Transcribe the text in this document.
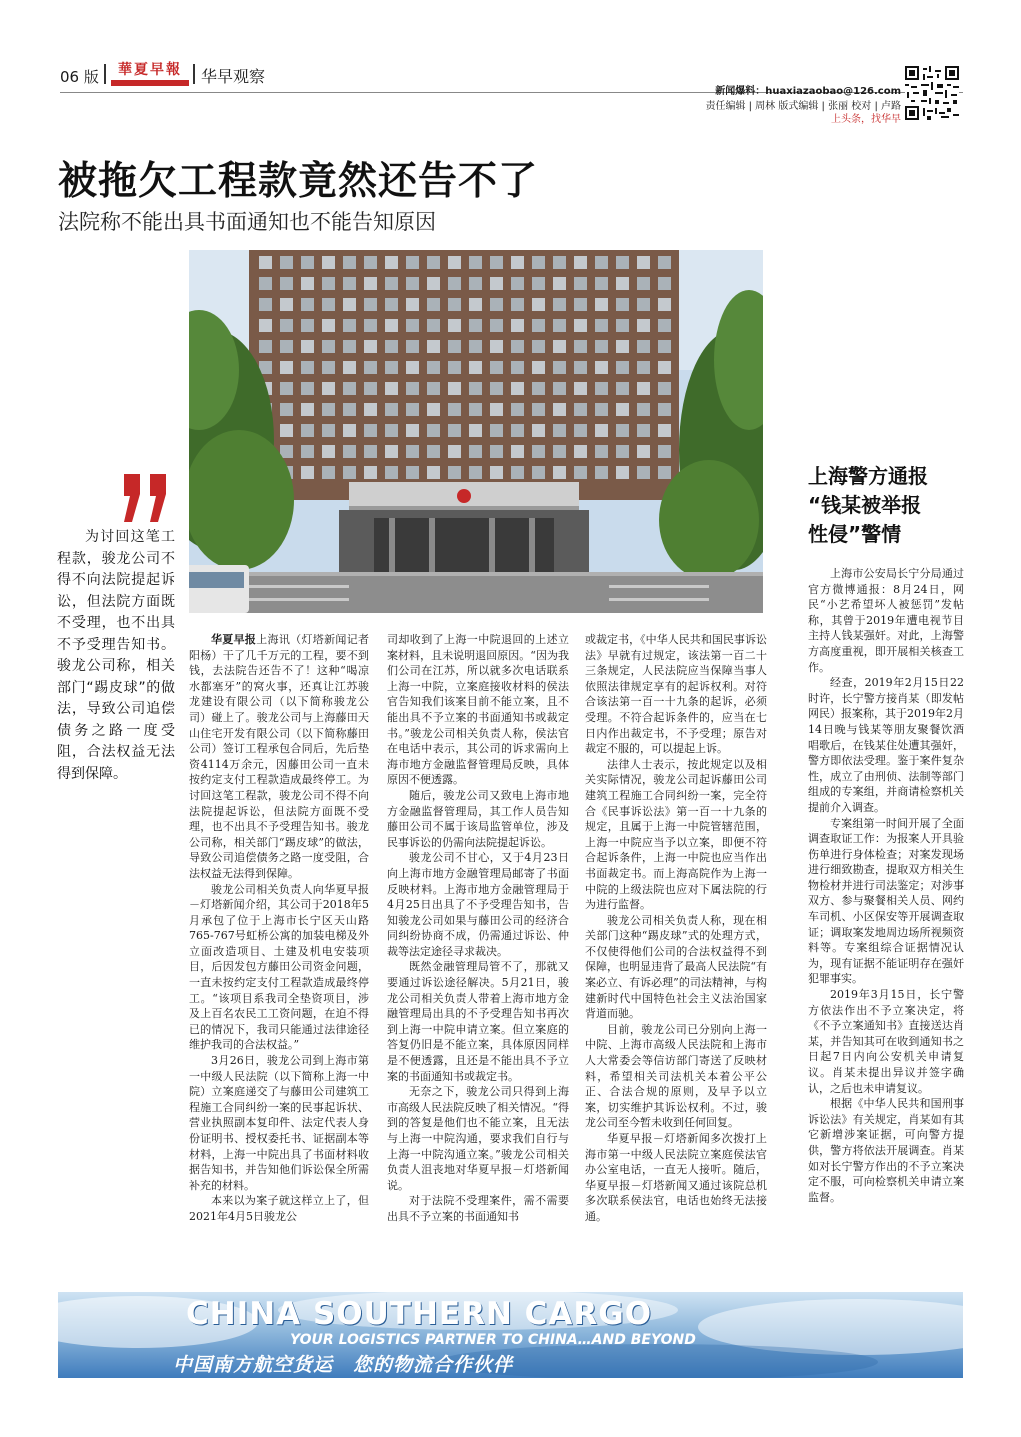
06 版	華夏早報	华早观察
新闻爆料：huaxiazaobao@126.com
责任编辑 | 周林 版式编辑 | 张丽 校对 | 卢路
上头条，找华早
被拖欠工程款竟然还告不了
法院称不能出具书面通知也不能告知原因
为讨回这笔工程款，骏龙公司不得不向法院提起诉讼，但法院方面既不受理，也不出具不予受理告知书。骏龙公司称，相关部门“踢皮球”的做法，导致公司追偿债务之路一度受阻，合法权益无法得到保障。

华夏早报上海讯（灯塔新闻记者 阳杨）干了几千万元的工程，要不到钱，去法院告还告不了！这种“喝凉水都塞牙”的窝火事，还真让江苏骏龙建设有限公司（以下简称骏龙公司）碰上了。骏龙公司与上海藤田天山住宅开发有限公司（以下简称藤田公司）签订工程承包合同后，先后垫资4114万余元，因藤田公司一直未按约定支付工程款造成最终停工。为讨回这笔工程款，骏龙公司不得不向法院提起诉讼，但法院方面既不受理，也不出具不予受理告知书。骏龙公司称，相关部门“踢皮球”的做法，导致公司追偿债务之路一度受阻，合法权益无法得到保障。

骏龙公司相关负责人向华夏早报－灯塔新闻介绍，其公司于2018年5月承包了位于上海市长宁区天山路765-767号虹桥公寓的加装电梯及外立面改造项目、土建及机电安装项目，后因发包方藤田公司资金问题，一直未按约定支付工程款造成最终停工。“该项目系我司全垫资项目，涉及上百名农民工工资问题，在迫不得已的情况下，我司只能通过法律途径维护我司的合法权益。”

3月26日，骏龙公司到上海市第一中级人民法院（以下简称上海一中院）立案庭递交了与藤田公司建筑工程施工合同纠纷一案的民事起诉状、营业执照副本复印件、法定代表人身份证明书、授权委托书、证据副本等材料，上海一中院出具了书面材料收据告知书，并告知他们诉讼保全所需补充的材料。

本来以为案子就这样立上了，但2021年4月5日骏龙公

司却收到了上海一中院退回的上述立案材料，且未说明退回原因。“因为我们公司在江苏，所以就多次电话联系上海一中院，立案庭接收材料的侯法官告知我们该案目前不能立案，且不能出具不予立案的书面通知书或裁定书。”骏龙公司相关负责人称，侯法官在电话中表示，其公司的诉求需向上海市地方金融监督管理局反映，具体原因不便透露。

随后，骏龙公司又致电上海市地方金融监督管理局，其工作人员告知藤田公司不属于该局监管单位，涉及民事诉讼的仍需向法院提起诉讼。

骏龙公司不甘心，又于4月23日向上海市地方金融管理局邮寄了书面反映材料。上海市地方金融管理局于4月25日出具了不予受理告知书，告知骏龙公司如果与藤田公司的经济合同纠纷协商不成，仍需通过诉讼、仲裁等法定途径寻求裁决。

既然金融管理局管不了，那就又要通过诉讼途径解决。5月21日，骏龙公司相关负责人带着上海市地方金融管理局出具的不予受理告知书再次到上海一中院申请立案。但立案庭的答复仍旧是不能立案，具体原因同样是不便透露，且还是不能出具不予立案的书面通知书或裁定书。

无奈之下，骏龙公司只得到上海市高级人民法院反映了相关情况。“得到的答复是他们也不能立案，且无法与上海一中院沟通，要求我们自行与上海一中院沟通立案。”骏龙公司相关负责人沮丧地对华夏早报－灯塔新闻说。

对于法院不受理案件，需不需要出具不予立案的书面通知书

或裁定书，《中华人民共和国民事诉讼法》早就有过规定，该法第一百二十三条规定，人民法院应当保障当事人依照法律规定享有的起诉权利。对符合该法第一百一十九条的起诉，必须受理。不符合起诉条件的，应当在七日内作出裁定书，不予受理；原告对裁定不服的，可以提起上诉。

法律人士表示，按此规定以及相关实际情况，骏龙公司起诉藤田公司建筑工程施工合同纠纷一案，完全符合《民事诉讼法》第一百一十九条的规定，且属于上海一中院管辖范围，上海一中院应当予以立案，即便不符合起诉条件，上海一中院也应当作出书面裁定书。而上海高院作为上海一中院的上级法院也应对下属法院的行为进行监督。

骏龙公司相关负责人称，现在相关部门这种“踢皮球”式的处理方式，不仅使得他们公司的合法权益得不到保障，也明显违背了最高人民法院“有案必立、有诉必理”的司法精神，与构建新时代中国特色社会主义法治国家背道而驰。

目前，骏龙公司已分别向上海一中院、上海市高级人民法院和上海市人大常委会等信访部门寄送了反映材料，希望相关司法机关本着公平公正、合法合规的原则，及早予以立案，切实维护其诉讼权利。不过，骏龙公司至今暂未收到任何回复。

华夏早报－灯塔新闻多次拨打上海市第一中级人民法院立案庭侯法官办公室电话，一直无人接听。随后，华夏早报－灯塔新闻又通过该院总机多次联系侯法官，电话也始终无法接通。

上海警方通报
“钱某被举报
性侵”警情

上海市公安局长宁分局通过官方微博通报：8月24日，网民“小艺希望坏人被惩罚”发帖称，其曾于2019年遭电视节目主持人钱某强奸。对此，上海警方高度重视，即开展相关核查工作。

经查，2019年2月15日22时许，长宁警方接肖某（即发帖网民）报案称，其于2019年2月14日晚与钱某等朋友聚餐饮酒唱歌后，在钱某住处遭其强奸，警方即依法受理。鉴于案件复杂性，成立了由刑侦、法制等部门组成的专案组，并商请检察机关提前介入调查。

专案组第一时间开展了全面调查取证工作：为报案人开具验伤单进行身体检查；对案发现场进行细致勘查，提取双方相关生物检材并进行司法鉴定；对涉事双方、参与聚餐相关人员、网约车司机、小区保安等开展调查取证；调取案发地周边场所视频资料等。专案组综合证据情况认为，现有证据不能证明存在强奸犯罪事实。

2019年3月15日，长宁警方依法作出不予立案决定，将《不予立案通知书》直接送达肖某，并告知其可在收到通知书之日起7日内向公安机关申请复议。肖某未提出异议并签字确认，之后也未申请复议。

根据《中华人民共和国刑事诉讼法》有关规定，肖某如有其它新增涉案证据，可向警方提供，警方将依法开展调查。肖某如对长宁警方作出的不予立案决定不服，可向检察机关申请立案监督。

CHINA SOUTHERN CARGO
YOUR LOGISTICS PARTNER TO CHINA…AND BEYOND
中国南方航空货运 您的物流合作伙伴
